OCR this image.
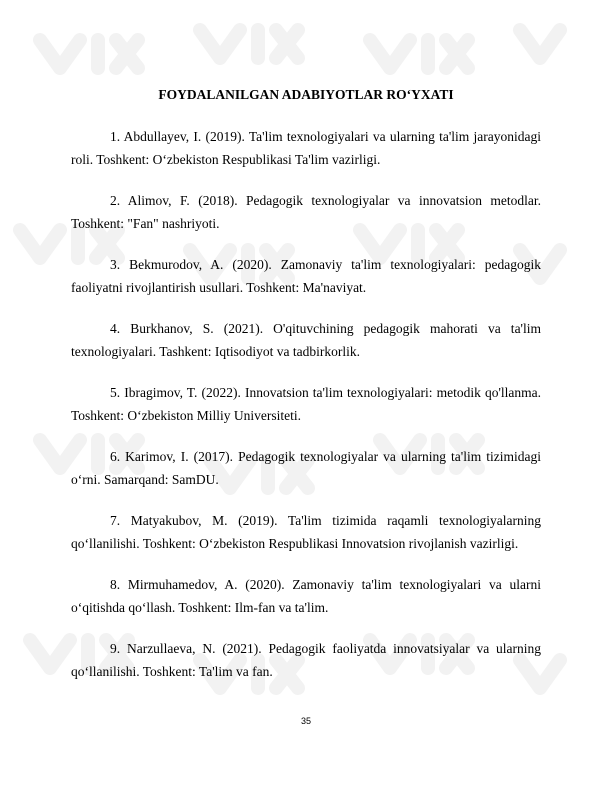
FOYDALANILGAN ADABIYOTLAR RO‘YXATI
1. Abdullayev, I. (2019). Ta'lim texnologiyalari va ularning ta'lim jarayonidagi roli. Toshkent: O‘zbekiston Respublikasi Ta'lim vazirligi.
2. Alimov, F. (2018). Pedagogik texnologiyalar va innovatsion metodlar. Toshkent: "Fan" nashriyoti.
3. Bekmurodov, A. (2020). Zamonaviy ta'lim texnologiyalari: pedagogik faoliyatni rivojlantirish usullari. Toshkent: Ma'naviyat.
4. Burkhanov, S. (2021). O'qituvchining pedagogik mahorati va ta'lim texnologiyalari. Tashkent: Iqtisodiyot va tadbirkorlik.
5. Ibragimov, T. (2022). Innovatsion ta'lim texnologiyalari: metodik qo'llanma. Toshkent: O‘zbekiston Milliy Universiteti.
6. Karimov, I. (2017). Pedagogik texnologiyalar va ularning ta'lim tizimidagi o‘rni. Samarqand: SamDU.
7. Matyakubov, M. (2019). Ta'lim tizimida raqamli texnologiyalarning qo‘llanilishi. Toshkent: O‘zbekiston Respublikasi Innovatsion rivojlanish vazirligi.
8. Mirmuhamedov, A. (2020). Zamonaviy ta'lim texnologiyalari va ularni o‘qitishda qo‘llash. Toshkent: Ilm-fan va ta'lim.
9. Narzullaeva, N. (2021). Pedagogik faoliyatda innovatsiyalar va ularning qo‘llanilishi. Toshkent: Ta'lim va fan.
35
